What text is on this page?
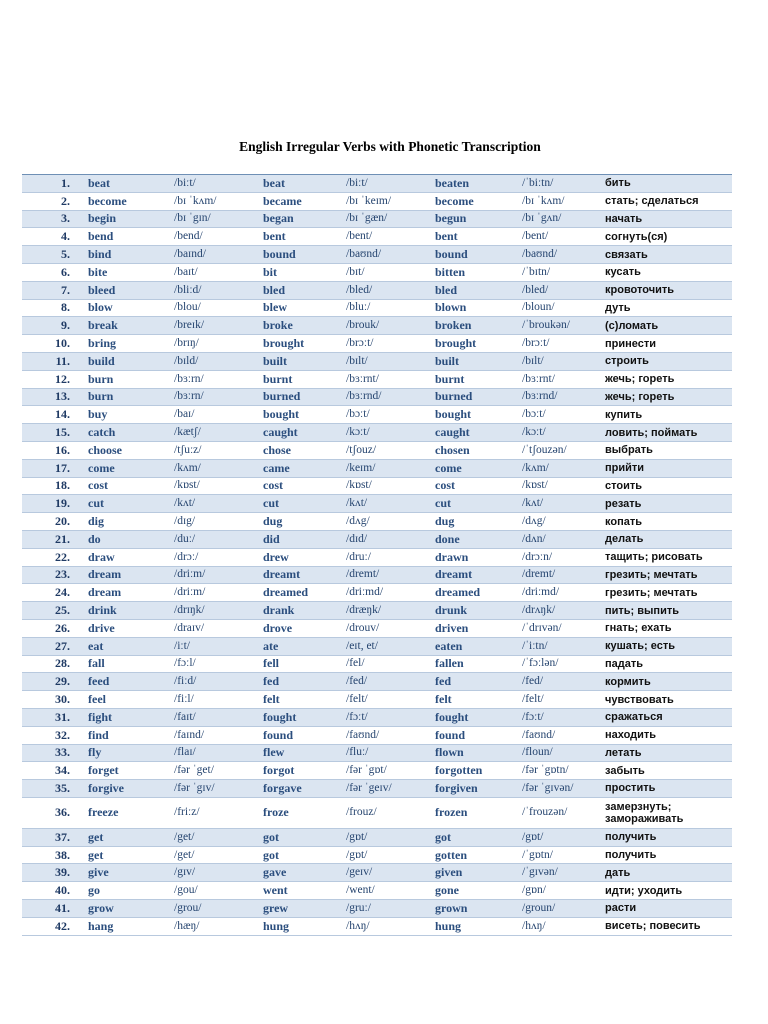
English Irregular Verbs with Phonetic Transcription
1.	beat	/biːt/	beat	/biːt/	beaten	/ˈbiːtn/	бить
2.	become	/bɪ ˈkʌm/	became	/bɪ ˈkeɪm/	become	/bɪ ˈkʌm/	стать; сделаться
3.	begin	/bɪ ˈgɪn/	began	/bɪ ˈgæn/	begun	/bɪ ˈgʌn/	начать
4.	bend	/bend/	bent	/bent/	bent	/bent/	согнуть(ся)
5.	bind	/baɪnd/	bound	/baʊnd/	bound	/baʊnd/	связать
6.	bite	/baɪt/	bit	/bɪt/	bitten	/ˈbɪtn/	кусать
7.	bleed	/bliːd/	bled	/bled/	bled	/bled/	кровоточить
8.	blow	/blou/	blew	/bluː/	blown	/bloun/	дуть
9.	break	/breɪk/	broke	/brouk/	broken	/ˈbroukən/	(с)ломать
10.	bring	/brɪŋ/	brought	/brɔːt/	brought	/brɔːt/	принести
11.	build	/bɪld/	built	/bɪlt/	built	/bɪlt/	строить
12.	burn	/bɜːrn/	burnt	/bɜːrnt/	burnt	/bɜːrnt/	жечь; гореть
13.	burn	/bɜːrn/	burned	/bɜːrnd/	burned	/bɜːrnd/	жечь; гореть
14.	buy	/baɪ/	bought	/bɔːt/	bought	/bɔːt/	купить
15.	catch	/kætʃ/	caught	/kɔːt/	caught	/kɔːt/	ловить; поймать
16.	choose	/tʃuːz/	chose	/tʃouz/	chosen	/ˈtʃouzən/	выбрать
17.	come	/kʌm/	came	/keɪm/	come	/kʌm/	прийти
18.	cost	/kɒst/	cost	/kɒst/	cost	/kɒst/	стоить
19.	cut	/kʌt/	cut	/kʌt/	cut	/kʌt/	резать
20.	dig	/dɪg/	dug	/dʌg/	dug	/dʌg/	копать
21.	do	/duː/	did	/dɪd/	done	/dʌn/	делать
22.	draw	/drɔː/	drew	/druː/	drawn	/drɔːn/	тащить; рисовать
23.	dream	/driːm/	dreamt	/dremt/	dreamt	/dremt/	грезить; мечтать
24.	dream	/driːm/	dreamed	/driːmd/	dreamed	/driːmd/	грезить; мечтать
25.	drink	/drɪŋk/	drank	/dræŋk/	drunk	/drʌŋk/	пить; выпить
26.	drive	/draɪv/	drove	/drouv/	driven	/ˈdrɪvən/	гнать; ехать
27.	eat	/iːt/	ate	/eɪt, et/	eaten	/ˈiːtn/	кушать; есть
28.	fall	/fɔːl/	fell	/fel/	fallen	/ˈfɔːlən/	падать
29.	feed	/fiːd/	fed	/fed/	fed	/fed/	кормить
30.	feel	/fiːl/	felt	/felt/	felt	/felt/	чувствовать
31.	fight	/faɪt/	fought	/fɔːt/	fought	/fɔːt/	сражаться
32.	find	/faɪnd/	found	/faʊnd/	found	/faʊnd/	находить
33.	fly	/flaɪ/	flew	/fluː/	flown	/floun/	летать
34.	forget	/fər ˈget/	forgot	/fər ˈgɒt/	forgotten	/fər ˈgɒtn/	забыть
35.	forgive	/fər ˈgɪv/	forgave	/fər ˈgeɪv/	forgiven	/fər ˈgɪvən/	простить
36.	freeze	/friːz/	froze	/frouz/	frozen	/ˈfrouzən/	замерзнуть; замораживать
37.	get	/get/	got	/gɒt/	got	/gɒt/	получить
38.	get	/get/	got	/gɒt/	gotten	/ˈgɒtn/	получить
39.	give	/gɪv/	gave	/geɪv/	given	/ˈgɪvən/	дать
40.	go	/gou/	went	/went/	gone	/gɒn/	идти; уходить
41.	grow	/grou/	grew	/gruː/	grown	/groun/	расти
42.	hang	/hæŋ/	hung	/hʌŋ/	hung	/hʌŋ/	висеть; повесить
